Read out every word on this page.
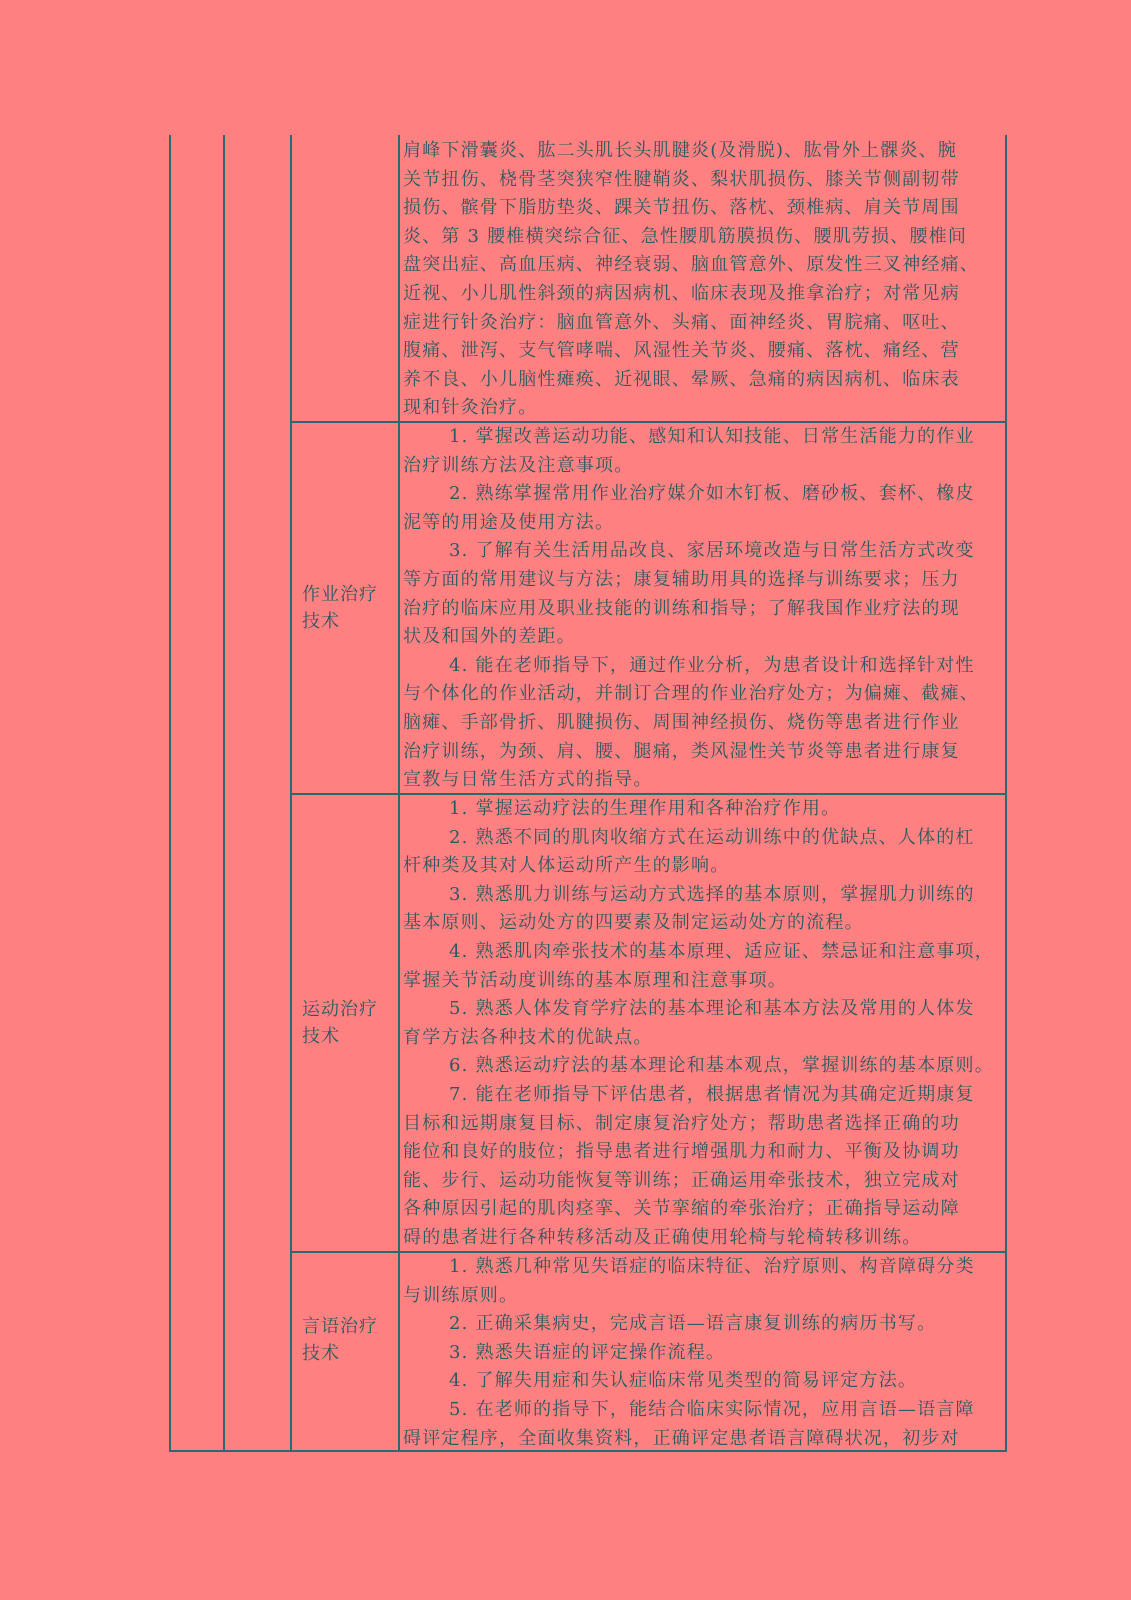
肩峰下滑囊炎、肱二头肌长头肌腱炎(及滑脱)、肱骨外上髁炎、腕
关节扭伤、桡骨茎突狭窄性腱鞘炎、梨状肌损伤、膝关节侧副韧带
损伤、髌骨下脂肪垫炎、踝关节扭伤、落枕、颈椎病、肩关节周围
炎、第 3 腰椎横突综合征、急性腰肌筋膜损伤、腰肌劳损、腰椎间
盘突出症、高血压病、神经衰弱、脑血管意外、原发性三叉神经痛、
近视、小儿肌性斜颈的病因病机、临床表现及推拿治疗；对常见病
症进行针灸治疗：脑血管意外、头痛、面神经炎、胃脘痛、呕吐、
腹痛、泄泻、支气管哮喘、风湿性关节炎、腰痛、落枕、痛经、营
养不良、小儿脑性瘫痪、近视眼、晕厥、急痛的病因病机、临床表
现和针灸治疗。
作业治疗
技术
1. 掌握改善运动功能、感知和认知技能、日常生活能力的作业
治疗训练方法及注意事项。
2. 熟练掌握常用作业治疗媒介如木钉板、磨砂板、套杯、橡皮
泥等的用途及使用方法。
3. 了解有关生活用品改良、家居环境改造与日常生活方式改变
等方面的常用建议与方法；康复辅助用具的选择与训练要求；压力
治疗的临床应用及职业技能的训练和指导；了解我国作业疗法的现
状及和国外的差距。
4. 能在老师指导下，通过作业分析，为患者设计和选择针对性
与个体化的作业活动，并制订合理的作业治疗处方；为偏瘫、截瘫、
脑瘫、手部骨折、肌腱损伤、周围神经损伤、烧伤等患者进行作业
治疗训练，为颈、肩、腰、腿痛，类风湿性关节炎等患者进行康复
宣教与日常生活方式的指导。
运动治疗
技术
1. 掌握运动疗法的生理作用和各种治疗作用。
2. 熟悉不同的肌肉收缩方式在运动训练中的优缺点、人体的杠
杆种类及其对人体运动所产生的影响。
3. 熟悉肌力训练与运动方式选择的基本原则，掌握肌力训练的
基本原则、运动处方的四要素及制定运动处方的流程。
4. 熟悉肌肉牵张技术的基本原理、适应证、禁忌证和注意事项，
掌握关节活动度训练的基本原理和注意事项。
5. 熟悉人体发育学疗法的基本理论和基本方法及常用的人体发
育学方法各种技术的优缺点。
6. 熟悉运动疗法的基本理论和基本观点，掌握训练的基本原则。
7. 能在老师指导下评估患者，根据患者情况为其确定近期康复
目标和远期康复目标、制定康复治疗处方；帮助患者选择正确的功
能位和良好的肢位；指导患者进行增强肌力和耐力、平衡及协调功
能、步行、运动功能恢复等训练；正确运用牵张技术，独立完成对
各种原因引起的肌肉痉挛、关节挛缩的牵张治疗；正确指导运动障
碍的患者进行各种转移活动及正确使用轮椅与轮椅转移训练。
言语治疗
技术
1. 熟悉几种常见失语症的临床特征、治疗原则、构音障碍分类
与训练原则。
2. 正确采集病史，完成言语—语言康复训练的病历书写。
3. 熟悉失语症的评定操作流程。
4. 了解失用症和失认症临床常见类型的简易评定方法。
5. 在老师的指导下，能结合临床实际情况，应用言语—语言障
碍评定程序，全面收集资料，正确评定患者语言障碍状况，初步对
